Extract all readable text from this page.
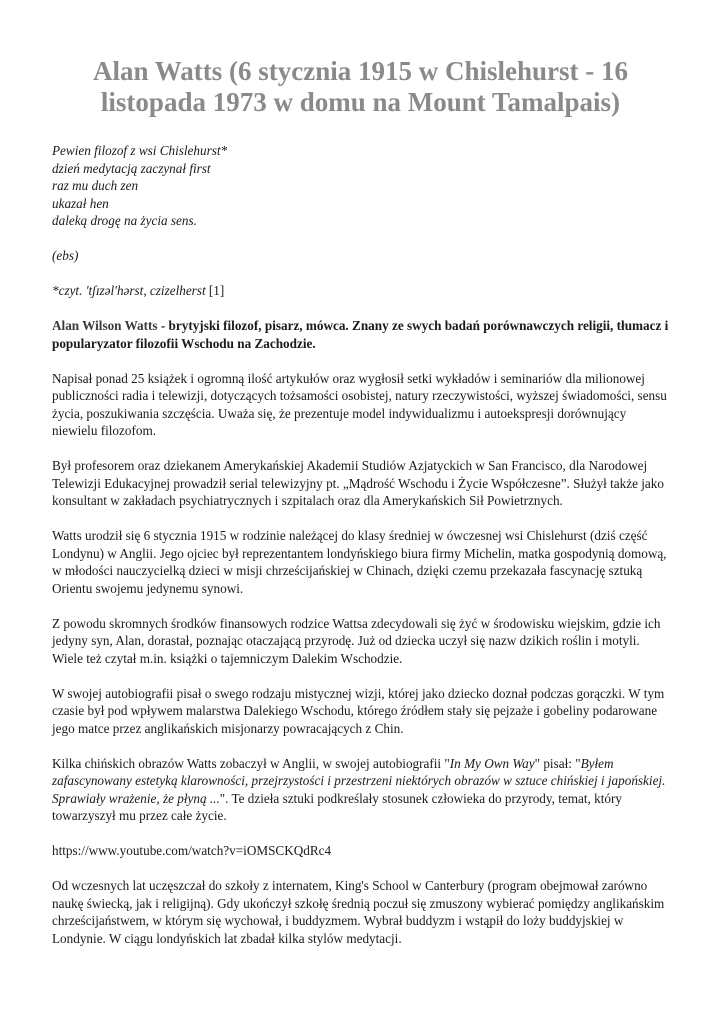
Alan Watts (6 stycznia 1915 w Chislehurst - 16 listopada 1973 w domu na Mount Tamalpais)

Pewien filozof z wsi Chislehurst*
dzień medytacją zaczynał first
raz mu duch zen
ukazał hen
daleką drogę na życia sens.

(ebs)

*czyt. 'tʃɪzəl'hərst, czizelherst [1]

Alan Wilson Watts - brytyjski filozof, pisarz, mówca. Znany ze swych badań porównawczych religii, tłumacz i popularyzator filozofii Wschodu na Zachodzie.

Napisał ponad 25 książek i ogromną ilość artykułów oraz wygłosił setki wykładów i seminariów dla milionowej publiczności radia i telewizji, dotyczących tożsamości osobistej, natury rzeczywistości, wyższej świadomości, sensu życia, poszukiwania szczęścia. Uważa się, że prezentuje model indywidualizmu i autoekspresji dorównujący niewielu filozofom.

Był profesorem oraz dziekanem Amerykańskiej Akademii Studiów Azjatyckich w San Francisco, dla Narodowej Telewizji Edukacyjnej prowadził serial telewizyjny pt. „Mądrość Wschodu i Życie Współczesne”. Służył także jako konsultant w zakładach psychiatrycznych i szpitalach oraz dla Amerykańskich Sił Powietrznych.

Watts urodził się 6 stycznia 1915 w rodzinie należącej do klasy średniej w ówczesnej wsi Chislehurst (dziś część Londynu) w Anglii. Jego ojciec był reprezentantem londyńskiego biura firmy Michelin, matka gospodynią domową, w młodości nauczycielką dzieci w misji chrześcijańskiej w Chinach, dzięki czemu przekazała fascynację sztuką Orientu swojemu jedynemu synowi.

Z powodu skromnych środków finansowych rodzice Wattsa zdecydowali się żyć w środowisku wiejskim, gdzie ich jedyny syn, Alan, dorastał, poznając otaczającą przyrodę. Już od dziecka uczył się nazw dzikich roślin i motyli. Wiele też czytał m.in. książki o tajemniczym Dalekim Wschodzie.

W swojej autobiografii pisał o swego rodzaju mistycznej wizji, której jako dziecko doznał podczas gorączki. W tym czasie był pod wpływem malarstwa Dalekiego Wschodu, którego źródłem stały się pejzaże i gobeliny podarowane jego matce przez anglikańskich misjonarzy powracających z Chin.

Kilka chińskich obrazów Watts zobaczył w Anglii, w swojej autobiografii "In My Own Way" pisał: "Byłem zafascynowany estetyką klarowności, przejrzystości i przestrzeni niektórych obrazów w sztuce chińskiej i japońskiej. Sprawiały wrażenie, że płyną ...". Te dzieła sztuki podkreślały stosunek człowieka do przyrody, temat, który towarzyszył mu przez całe życie.

https://www.youtube.com/watch?v=iOMSCKQdRc4

Od wczesnych lat uczęszczał do szkoły z internatem, King's School w Canterbury (program obejmował zarówno naukę świecką, jak i religijną). Gdy ukończył szkołę średnią poczuł się zmuszony wybierać pomiędzy anglikańskim chrześcijaństwem, w którym się wychował, i buddyzmem. Wybrał buddyzm i wstąpił do loży buddyjskiej w Londynie. W ciągu londyńskich lat zbadał kilka stylów medytacji.
